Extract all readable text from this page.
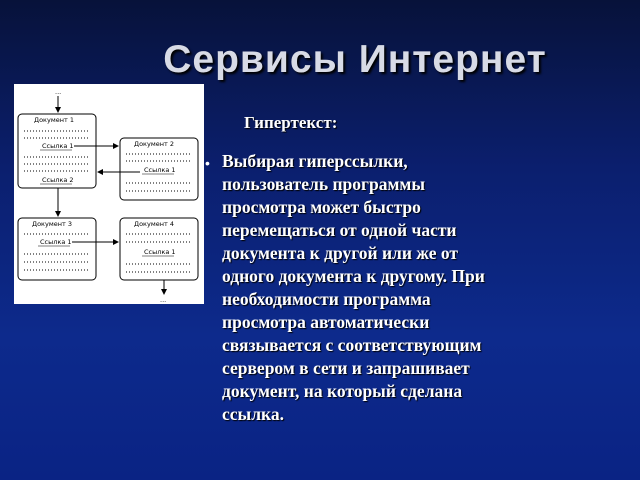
Сервисы Интернет
...
Документ 1
Ссылка 1
Ссылка 2
Документ 2
Ссылка 1
Документ 3
Ссылка 1
Документ 4
Ссылка 1
...
Гипертекст:
• Выбирая гиперссылки,
пользователь программы
просмотра может быстро
перемещаться от одной части
документа к другой или же от
одного документа к другому. При
необходимости программа
просмотра автоматически
связывается с соответствующим
сервером в сети и запрашивает
документ, на который сделана
ссылка.
